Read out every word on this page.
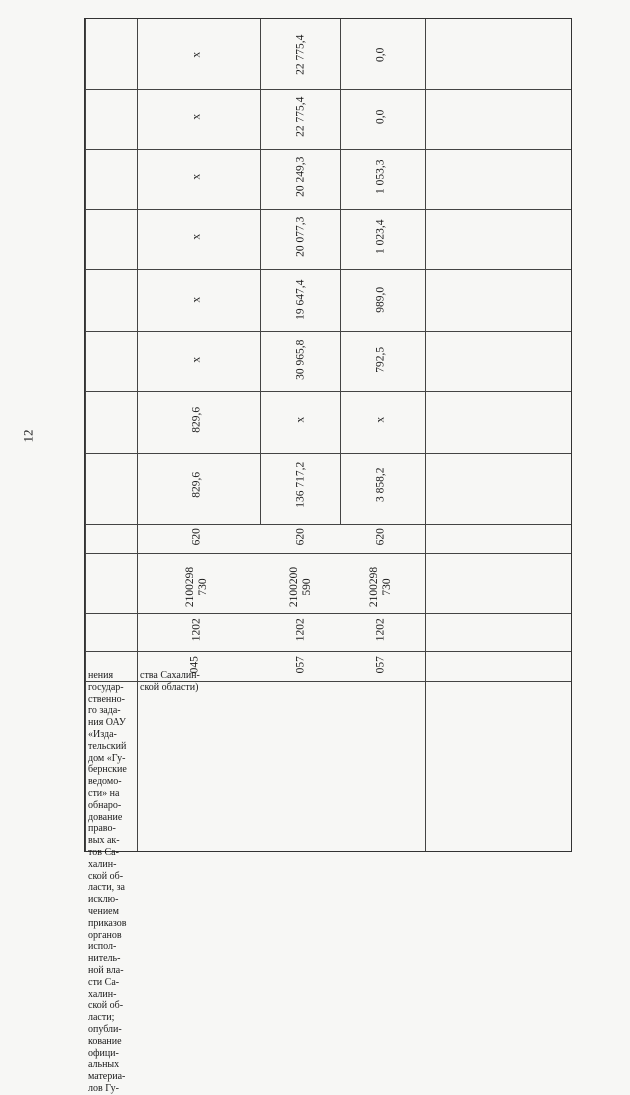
12
045
1202
2100298
730
620
829,6
829,6
х
х
х
х
х
х
057
1202
2100200
590
620
136 717,2
х
30 965,8
19 647,4
20 077,3
20 249,3
22 775,4
22 775,4
057
1202
2100298
730
620
3 858,2
х
792,5
989,0
1 023,4
1 053,3
0,0
0,0
нения
государ-
ственно-
го зада-
ния ОАУ
«Изда-
тельский
дом «Гу-
бернские
ведомо-
сти» на
обнаро-
дование
право-
вых ак-
тов Са-
халин-
ской об-
ласти, за
исклю-
чением
приказов
органов
испол-
нитель-
ной вла-
сти Са-
халин-
ской об-
ласти;
опубли-
кование
офици-
альных
материа-
лов Гу-
ства Сахалин-
ской области)
